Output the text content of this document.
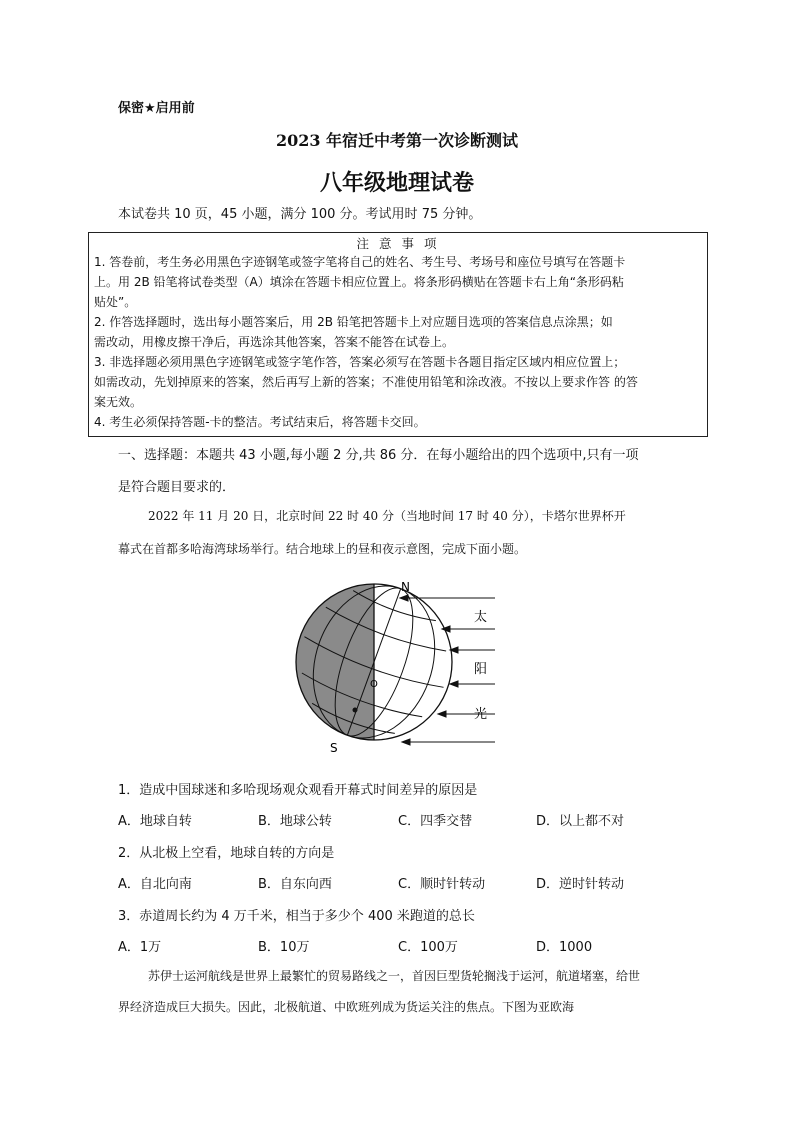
保密★启用前
2023 年宿迁中考第一次诊断测试
八年级地理试卷
本试卷共 10 页，45 小题，满分 100 分。考试用时 75 分钟。
注 意 事 项

1. 答卷前，考生务必用黑色字迹钢笔或签字笔将自己的姓名、考生号、考场号和座位号填写在答题卡

上。用 2B 铅笔将试卷类型（A）填涂在答题卡相应位置上。将条形码横贴在答题卡右上角“条形码粘

贴处”。

2. 作答选择题时，选出每小题答案后，用 2B 铅笔把答题卡上对应题目选项的答案信息点涂黑；如

需改动，用橡皮擦干净后，再选涂其他答案，答案不能答在试卷上。

3. 非选择题必须用黑色字迹钢笔或签字笔作答，答案必须写在答题卡各题目指定区域内相应位置上；

如需改动，先划掉原来的答案，然后再写上新的答案；不准使用铅笔和涂改液。不按以上要求作答 的答

案无效。

4. 考生必须保持答题-卡的整洁。考试结束后，将答题卡交回。

一、选择题：本题共 43 小题,每小题 2 分,共 86 分．在每小题给出的四个选项中,只有一项
是符合题目要求的．
2022 年 11 月 20 日，北京时间 22 时 40 分（当地时间 17 时 40 分），卡塔尔世界杯开
幕式在首都多哈海湾球场举行。结合地球上的昼和夜示意图，完成下面小题。
N
S
O
太
阳
光
1．造成中国球迷和多哈现场观众观看开幕式时间差异的原因是
A．地球自转	B．地球公转	C．四季交替	D．以上都不对
2．从北极上空看，地球自转的方向是
A．自北向南	B．自东向西	C．顺时针转动	D．逆时针转动
3．赤道周长约为 4 万千米，相当于多少个 400 米跑道的总长
A．1万	B．10万	C．100万	D．1000
苏伊士运河航线是世界上最繁忙的贸易路线之一，首因巨型货轮搁浅于运河，航道堵塞，给世
界经济造成巨大损失。因此，北极航道、中欧班列成为货运关注的焦点。下图为亚欧海
